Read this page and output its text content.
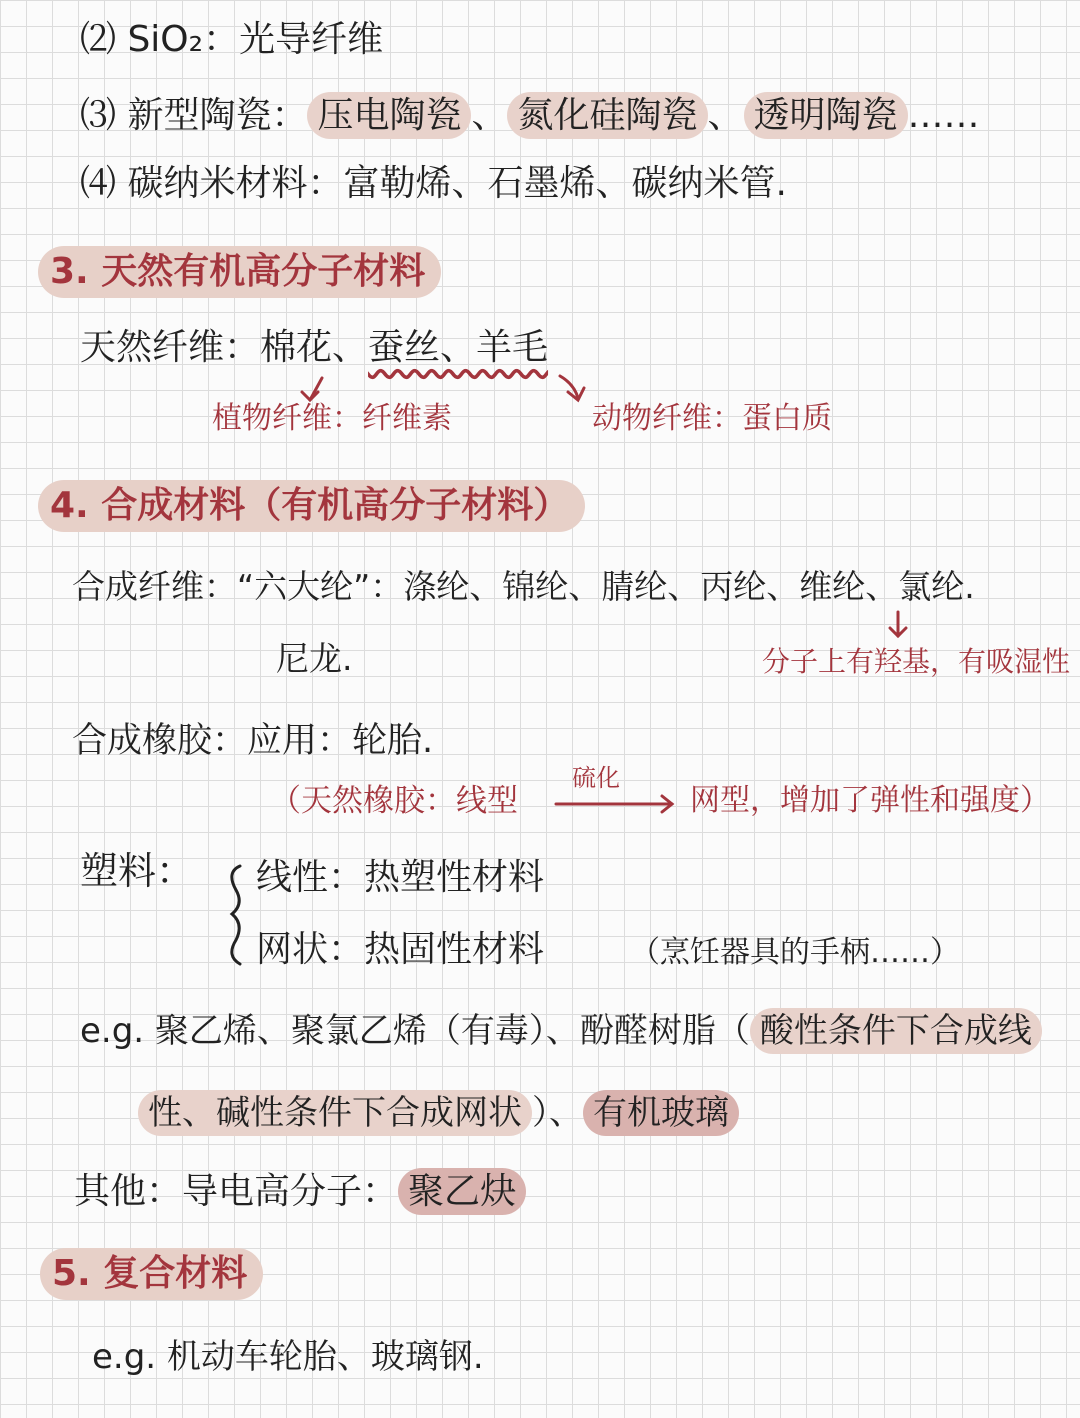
⑵ SiO₂：光导纤维
⑶ 新型陶瓷： 压电陶瓷 、 氮化硅陶瓷 、 透明陶瓷 ……
⑷ 碳纳米材料：富勒烯、石墨烯、碳纳米管.
3. 天然有机高分子材料
天然纤维：棉花、蚕丝、羊毛
植物纤维：纤维素	动物纤维：蛋白质
4. 合成材料（有机高分子材料）
合成纤维：“六大纶”：涤纶、锦纶、腈纶、丙纶、维纶、氯纶.
尼龙.	分子上有羟基，有吸湿性
合成橡胶：应用：轮胎.
（天然橡胶：线型
硫化
网型，增加了弹性和强度）
塑料： 线性：热塑性材料
网状：热固性材料	（烹饪器具的手柄……）
e.g. 聚乙烯、聚氯乙烯（有毒）、酚醛树脂（ 酸性条件下合成线
性、碱性条件下合成网状 ）、 有机玻璃
其他：导电高分子： 聚乙炔
5. 复合材料
e.g. 机动车轮胎、玻璃钢.
